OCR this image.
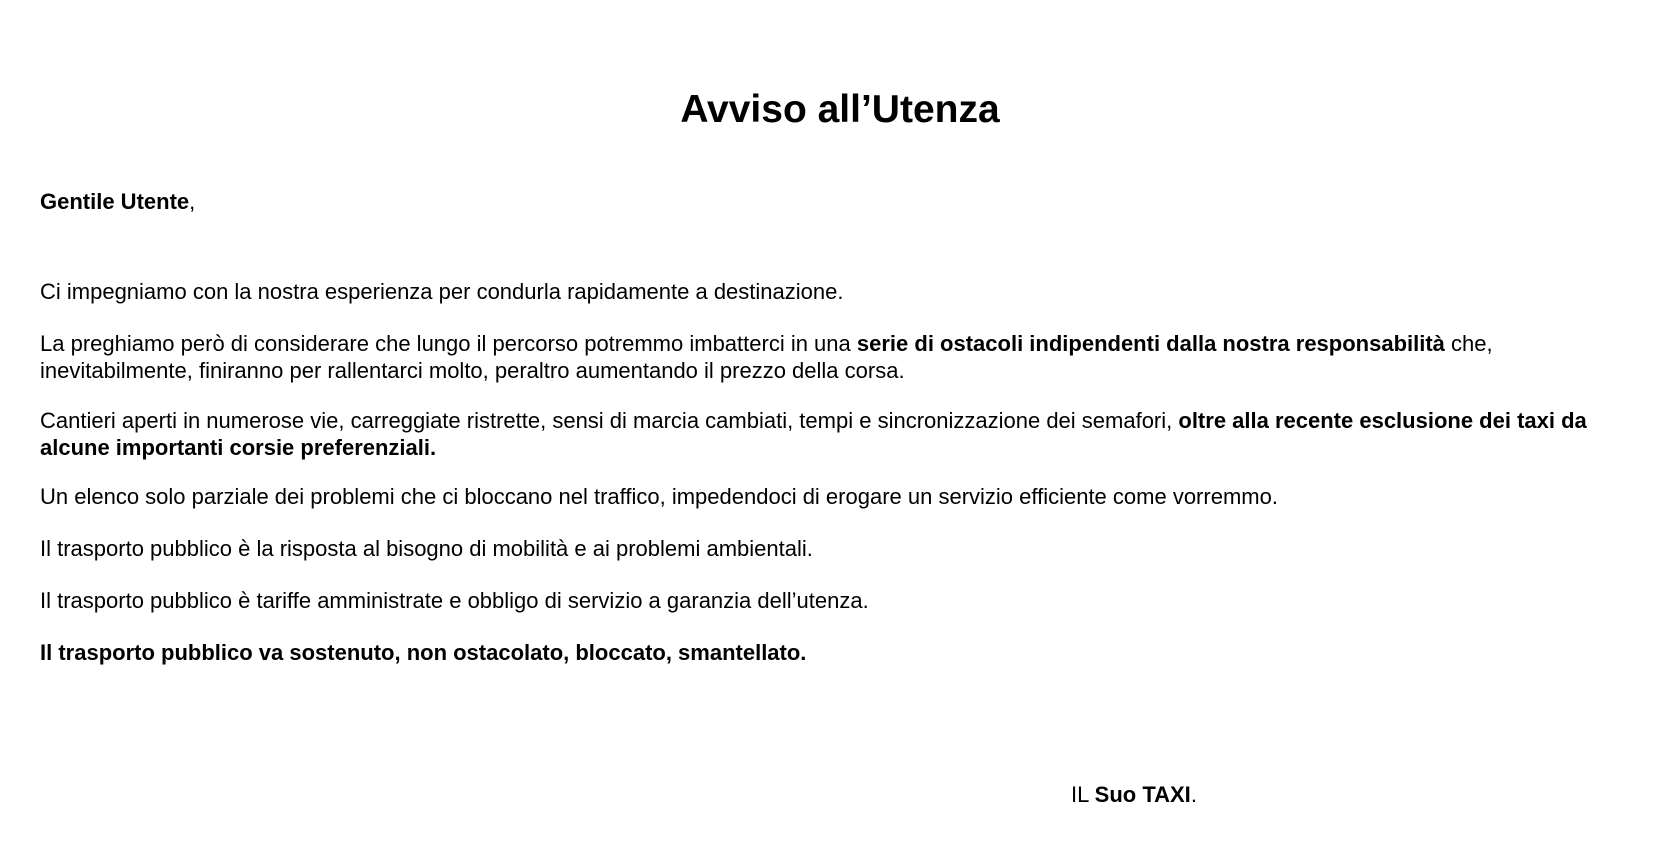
Avviso all’Utenza

Gentile Utente,

Ci impegniamo con la nostra esperienza per condurla rapidamente a destinazione.

La preghiamo però di considerare che lungo il percorso potremmo imbatterci in una serie di ostacoli indipendenti dalla nostra responsabilità che, inevitabilmente, finiranno per rallentarci molto, peraltro aumentando il prezzo della corsa.

Cantieri aperti in numerose vie, carreggiate ristrette, sensi di marcia cambiati, tempi e sincronizzazione dei semafori, oltre alla recente esclusione dei taxi da alcune importanti corsie preferenziali.

Un elenco solo parziale dei problemi che ci bloccano nel traffico, impedendoci di erogare un servizio efficiente come vorremmo.

Il trasporto pubblico è la risposta al bisogno di mobilità e ai problemi ambientali.

Il trasporto pubblico è tariffe amministrate e obbligo di servizio a garanzia dell’utenza.

Il trasporto pubblico va sostenuto, non ostacolato, bloccato, smantellato.

IL Suo TAXI.
